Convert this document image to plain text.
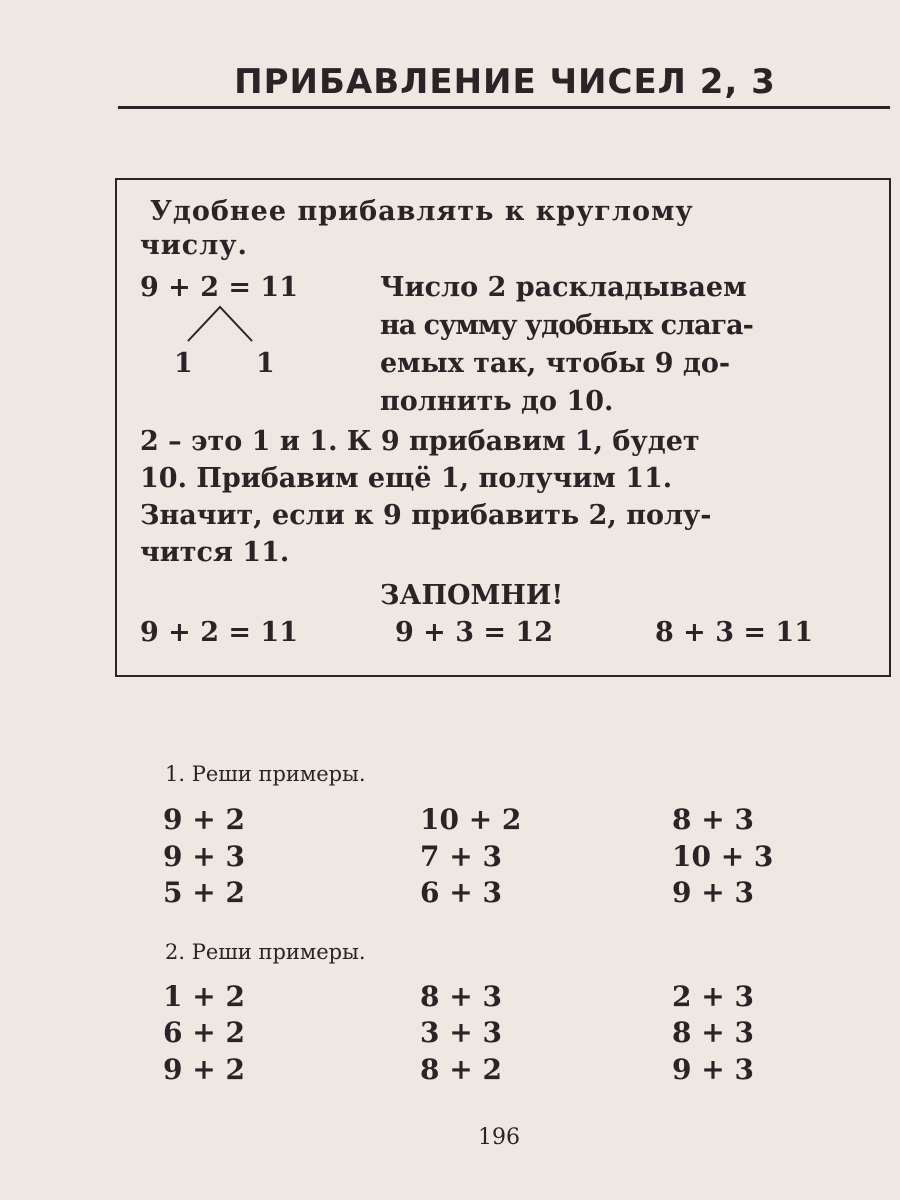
ПРИБАВЛЕНИЕ ЧИСЕЛ 2, 3
Удобнее прибавлять к круглому
числу.
9 + 2 = 11
1 1
Число 2 раскладываем
на сумму удобных слага-
емых так, чтобы 9 до-
полнить до 10.
2 – это 1 и 1. К 9 прибавим 1, будет
10. Прибавим ещё 1, получим 11.
Значит, если к 9 прибавить 2, полу-
чится 11.
ЗАПОМНИ!
9 + 2 = 11	9 + 3 = 12	8 + 3 = 11
1. Реши примеры.
2. Реши примеры.
9 + 2	10 + 2	8 + 3
9 + 3	7 + 3	10 + 3
5 + 2	6 + 3	9 + 3
1 + 2	8 + 3	2 + 3
6 + 2	3 + 3	8 + 3
9 + 2	8 + 2	9 + 3
196
